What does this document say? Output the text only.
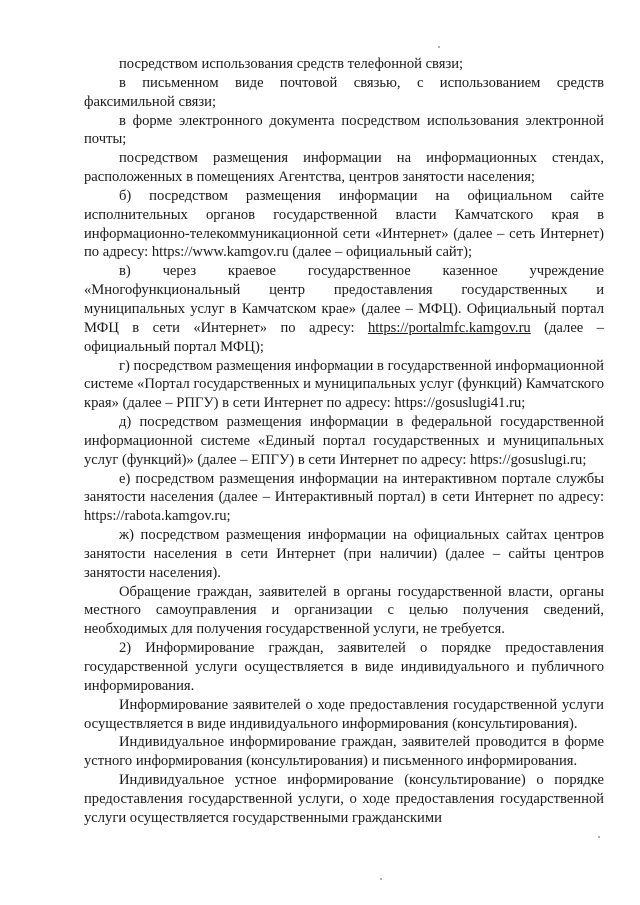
посредством использования средств телефонной связи;

в письменном виде почтовой связью, с использованием средств факсимильной связи;

в форме электронного документа посредством использования электронной почты;

посредством размещения информации на информационных стендах, расположенных в помещениях Агентства, центров занятости населения;

б) посредством размещения информации на официальном сайте исполнительных органов государственной власти Камчатского края в информационно-телекоммуникационной сети «Интернет» (далее – сеть Интернет) по адресу: https://www.kamgov.ru (далее – официальный сайт);

в) через краевое государственное казенное учреждение «Многофункциональный центр предоставления государственных и муниципальных услуг в Камчатском крае» (далее – МФЦ). Официальный портал МФЦ в сети «Интернет» по адресу: https://portalmfc.kamgov.ru (далее – официальный портал МФЦ);

г) посредством размещения информации в государственной информационной системе «Портал государственных и муниципальных услуг (функций) Камчатского края» (далее – РПГУ) в сети Интернет по адресу: https://gosuslugi41.ru;

д) посредством размещения информации в федеральной государственной информационной системе «Единый портал государственных и муниципальных услуг (функций)» (далее – ЕПГУ) в сети Интернет по адресу: https://gosuslugi.ru;

е) посредством размещения информации на интерактивном портале службы занятости населения (далее – Интерактивный портал) в сети Интернет по адресу: https://rabota.kamgov.ru;

ж) посредством размещения информации на официальных сайтах центров занятости населения в сети Интернет (при наличии) (далее – сайты центров занятости населения).

Обращение граждан, заявителей в органы государственной власти, органы местного самоуправления и организации с целью получения сведений, необходимых для получения государственной услуги, не требуется.

2) Информирование граждан, заявителей о порядке предоставления государственной услуги осуществляется в виде индивидуального и публичного информирования.

Информирование заявителей о ходе предоставления государственной услуги осуществляется в виде индивидуального информирования (консультирования).

Индивидуальное информирование граждан, заявителей проводится в форме устного информирования (консультирования) и письменного информирования.

Индивидуальное устное информирование (консультирование) о порядке предоставления государственной услуги, о ходе предоставления государственной услуги осуществляется государственными гражданскими
